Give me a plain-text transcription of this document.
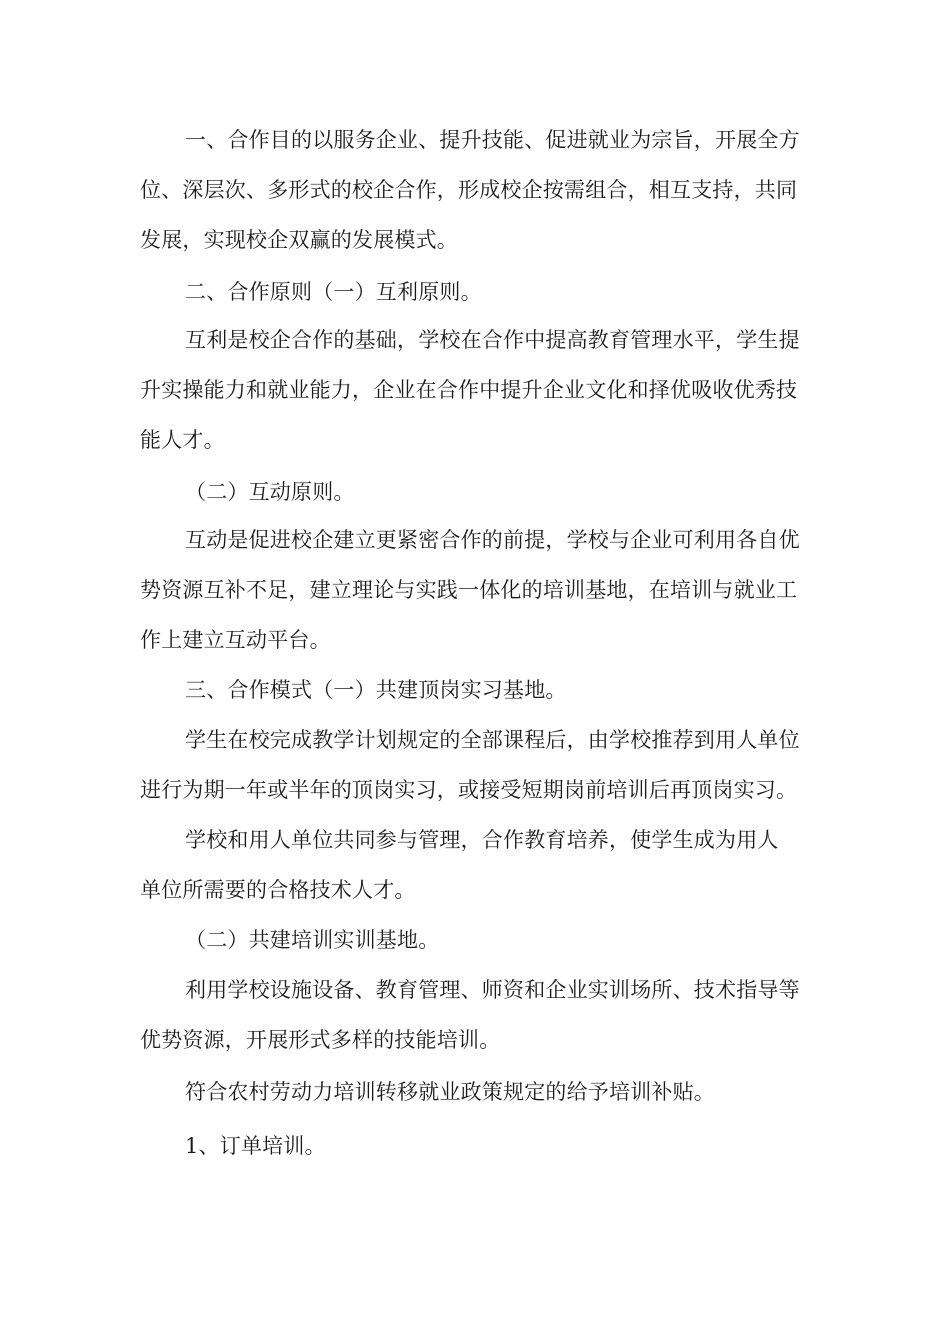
一、合作目的以服务企业、提升技能、促进就业为宗旨，开展全方
位、深层次、多形式的校企合作，形成校企按需组合，相互支持，共同
发展，实现校企双赢的发展模式。
二、合作原则（一）互利原则。
互利是校企合作的基础，学校在合作中提高教育管理水平，学生提
升实操能力和就业能力，企业在合作中提升企业文化和择优吸收优秀技
能人才。
（二）互动原则。
互动是促进校企建立更紧密合作的前提，学校与企业可利用各自优
势资源互补不足，建立理论与实践一体化的培训基地，在培训与就业工
作上建立互动平台。
三、合作模式（一）共建顶岗实习基地。
学生在校完成教学计划规定的全部课程后，由学校推荐到用人单位
进行为期一年或半年的顶岗实习，或接受短期岗前培训后再顶岗实习。
学校和用人单位共同参与管理，合作教育培养，使学生成为用人
单位所需要的合格技术人才。
（二）共建培训实训基地。
利用学校设施设备、教育管理、师资和企业实训场所、技术指导等
优势资源，开展形式多样的技能培训。
符合农村劳动力培训转移就业政策规定的给予培训补贴。
1、订单培训。
